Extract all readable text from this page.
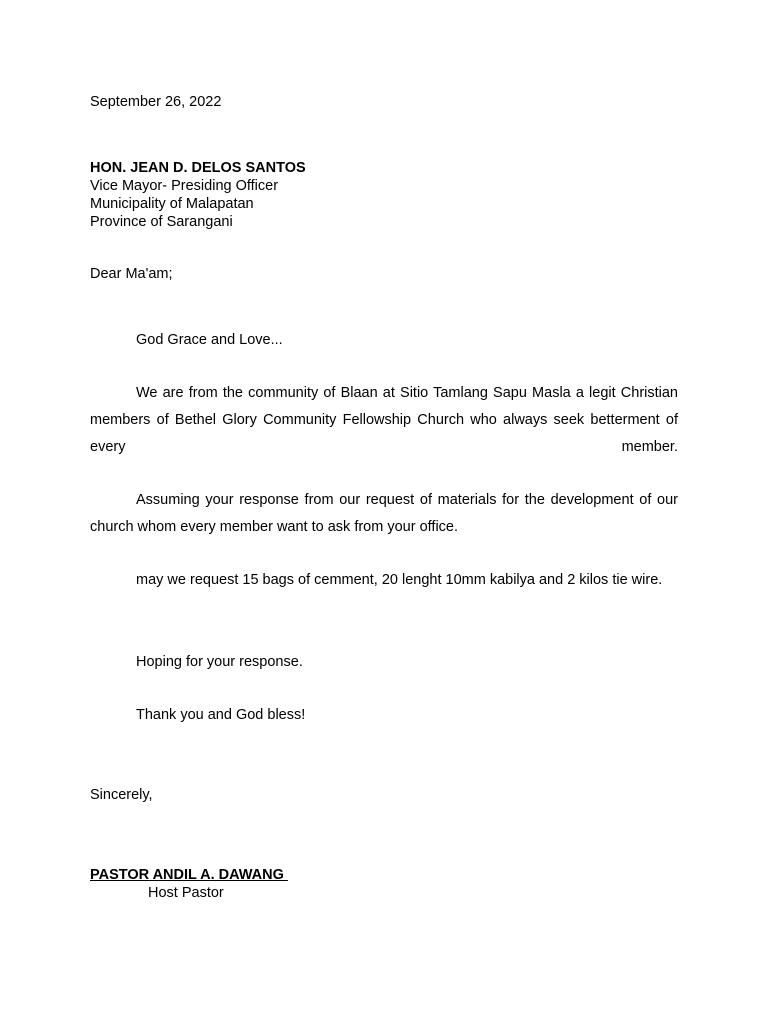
September 26, 2022
HON. JEAN D. DELOS SANTOS
Vice Mayor- Presiding Officer
Municipality of Malapatan
Province of Sarangani
Dear Ma'am;
God Grace and Love...
We are from the community of Blaan at Sitio Tamlang Sapu Masla a legit Christian members of Bethel Glory Community Fellowship Church who always seek betterment of every member.
Assuming your response from our request of materials for the development of our church whom every member want to ask from your office.
may we request 15 bags of cemment, 20 lenght 10mm kabilya and 2 kilos tie wire.
Hoping for your response.
Thank you and God bless!
Sincerely,
PASTOR ANDIL A. DAWANG
Host Pastor
